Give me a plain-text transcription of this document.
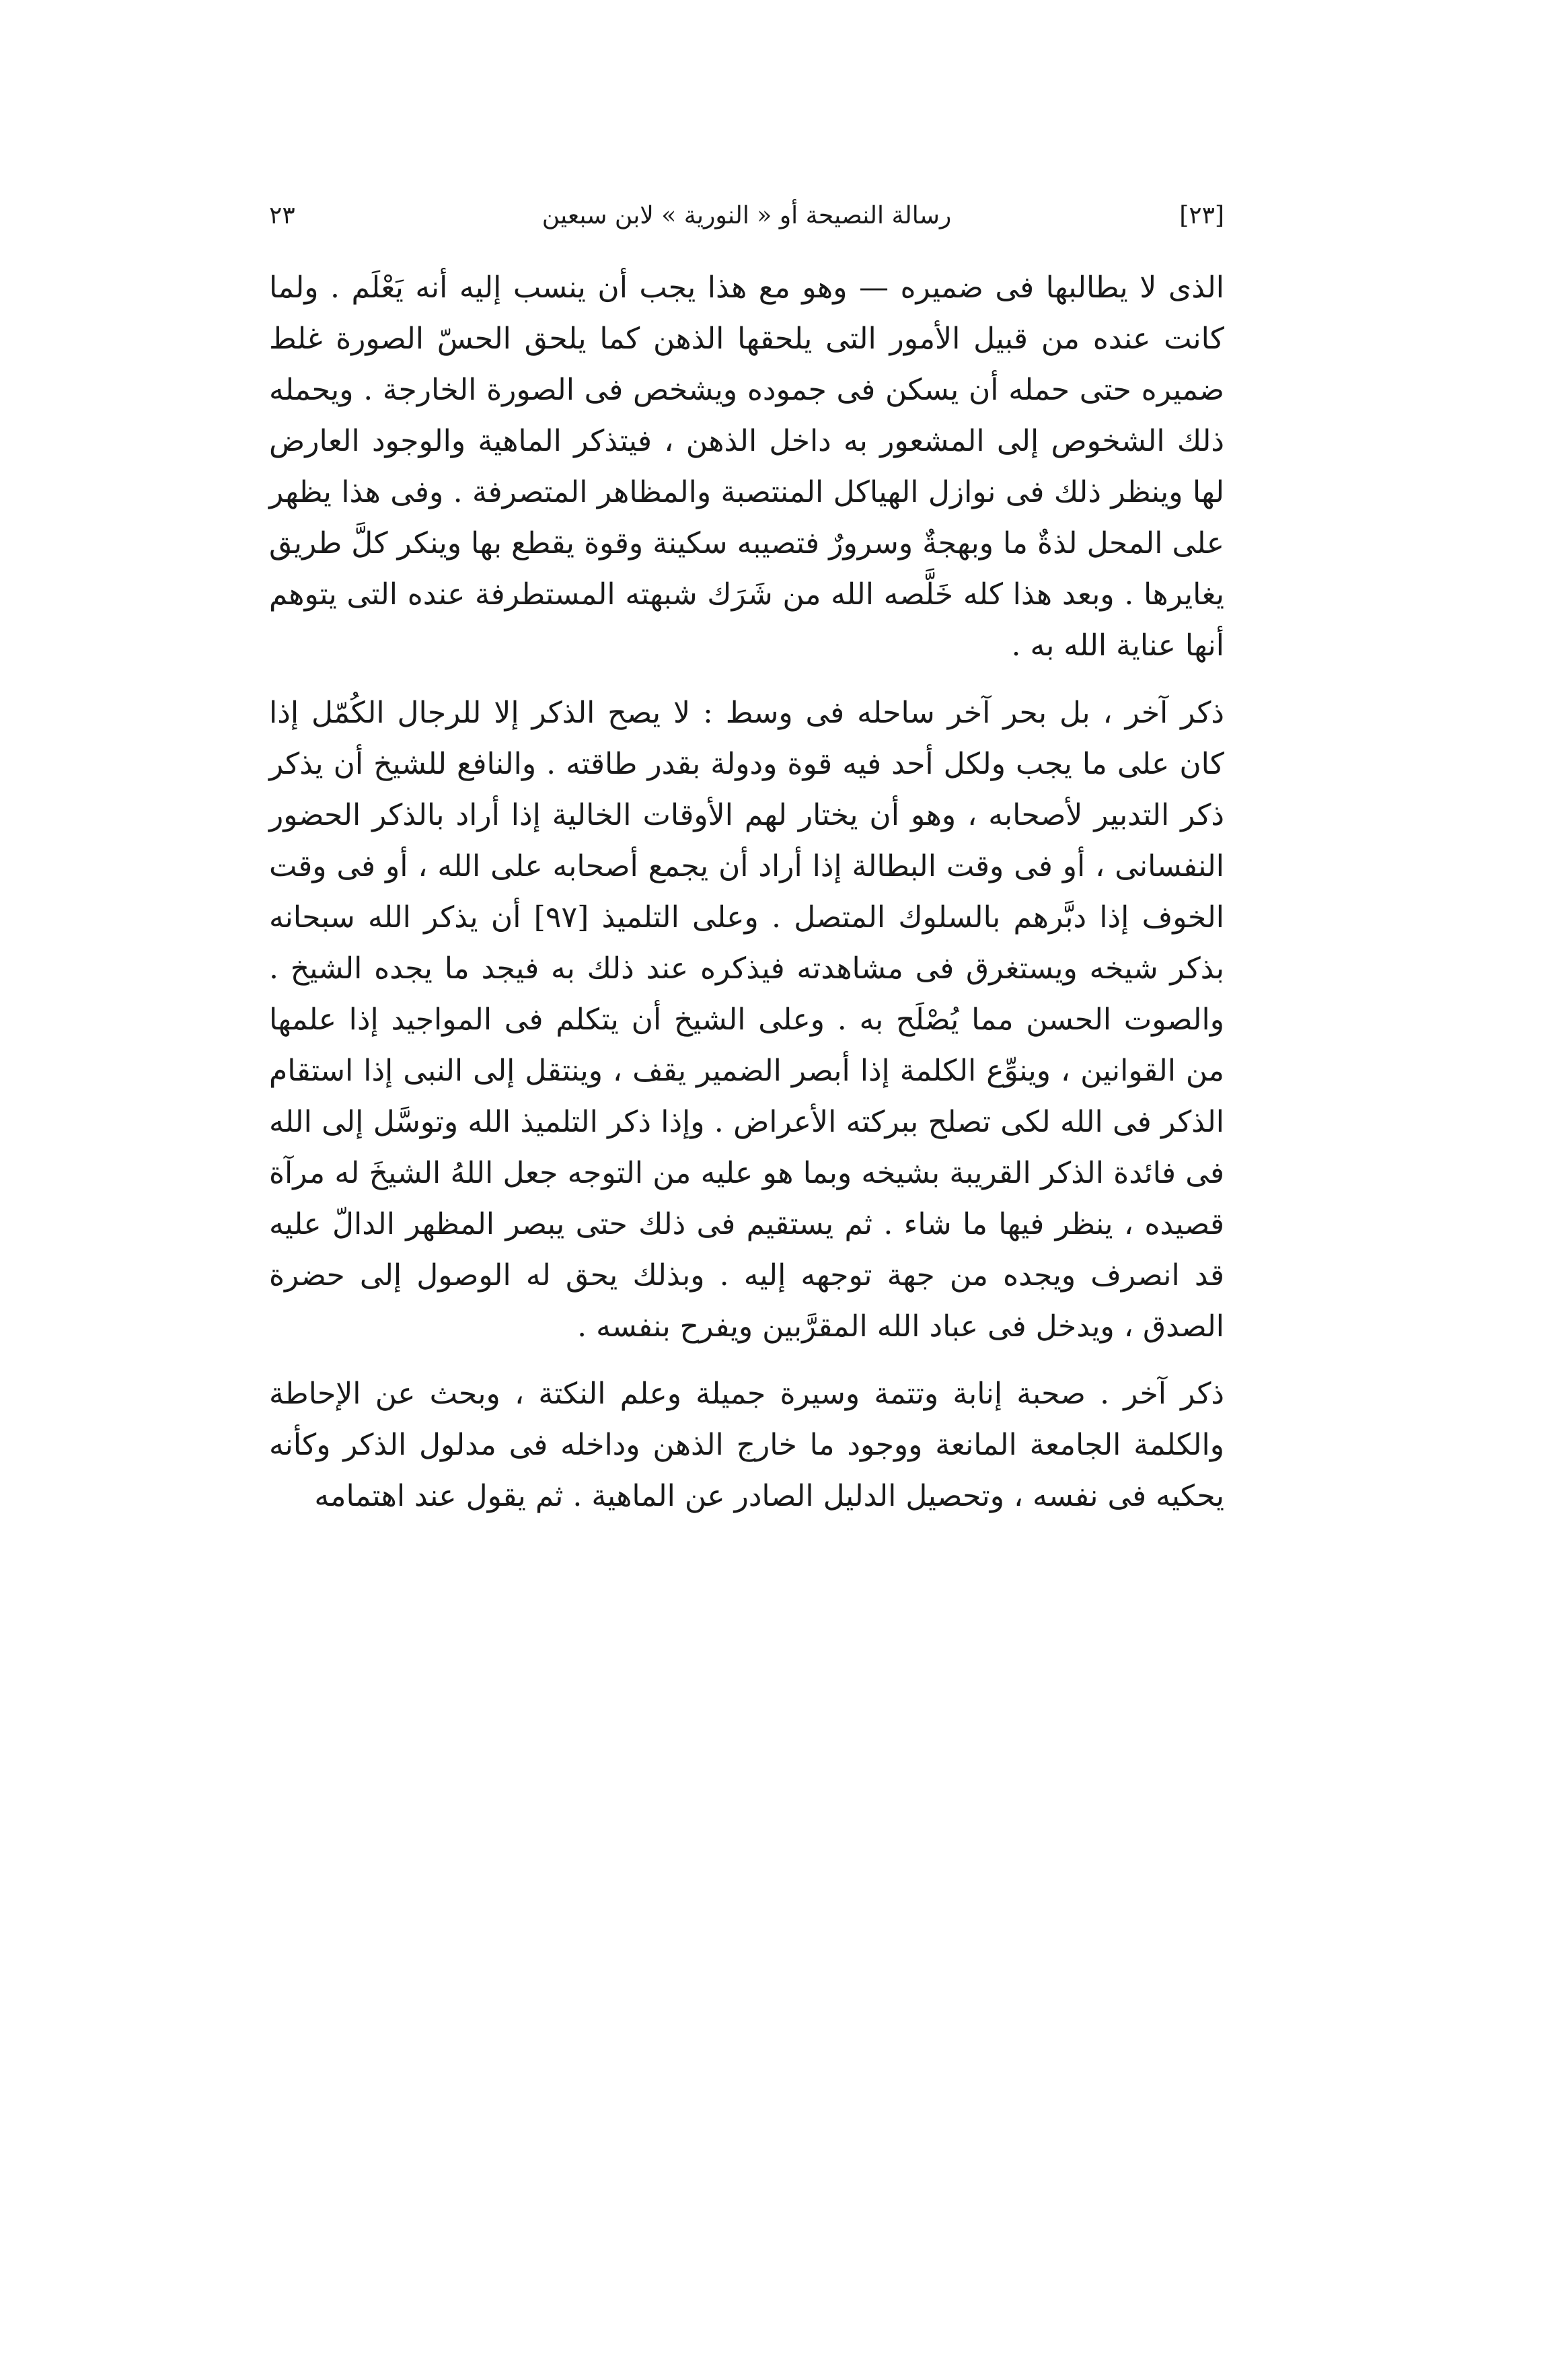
[٢٣]
رسالة النصيحة أو « النورية » لابن سبعين
٢٣

الذى لا يطالبها فى ضميره — وهو مع هذا يجب أن ينسب إليه أنه يَعْلَم . ولما كانت عنده من قبيل الأمور التى يلحقها الذهن كما يلحق الحسّ الصورة غلط ضميره حتى حمله أن يسكن فى جموده ويشخص فى الصورة الخارجة . ويحمله ذلك الشخوص إلى المشعور به داخل الذهن ، فيتذكر الماهية والوجود العارض لها وينظر ذلك فى نوازل الهياكل المنتصبة والمظاهر المتصرفة . وفى هذا يظهر على المحل لذةٌ ما وبهجةٌ وسرورٌ فتصيبه سكينة وقوة يقطع بها وينكر كلَّ طريق يغايرها . وبعد هذا كله خَلَّصه الله من شَرَك شبهته المستطرفة عنده التى يتوهم أنها عناية الله به .

ذكر آخر ، بل بحر آخر ساحله فى وسط : لا يصح الذكر إلا للرجال الكُمّل إذا كان على ما يجب ولكل أحد فيه قوة ودولة بقدر طاقته . والنافع للشيخ أن يذكر ذكر التدبير لأصحابه ، وهو أن يختار لهم الأوقات الخالية إذا أراد بالذكر الحضور النفسانى ، أو فى وقت البطالة إذا أراد أن يجمع أصحابه على الله ، أو فى وقت الخوف إذا دبَّرهم بالسلوك المتصل . وعلى التلميذ [٩٧] أن يذكر الله سبحانه بذكر شيخه ويستغرق فى مشاهدته فيذكره عند ذلك به فيجد ما يجده الشيخ . والصوت الحسن مما يُصْلَح به . وعلى الشيخ أن يتكلم فى المواجيد إذا علمها من القوانين ، وينوِّع الكلمة إذا أبصر الضمير يقف ، وينتقل إلى النبى إذا استقام الذكر فى الله لكى تصلح ببركته الأعراض . وإذا ذكر التلميذ الله وتوسَّل إلى الله فى فائدة الذكر القريبة بشيخه وبما هو عليه من التوجه جعل اللهُ الشيخَ له مرآة قصيده ، ينظر فيها ما شاء . ثم يستقيم فى ذلك حتى يبصر المظهر الدالّ عليه قد انصرف ويجده من جهة توجهه إليه . وبذلك يحق له الوصول إلى حضرة الصدق ، ويدخل فى عباد الله المقرَّبين ويفرح بنفسه .

ذكر آخر . صحبة إنابة وتتمة وسيرة جميلة وعلم النكتة ، وبحث عن الإحاطة والكلمة الجامعة المانعة ووجود ما خارج الذهن وداخله فى مدلول الذكر وكأنه يحكيه فى نفسه ، وتحصيل الدليل الصادر عن الماهية . ثم يقول عند اهتمامه
